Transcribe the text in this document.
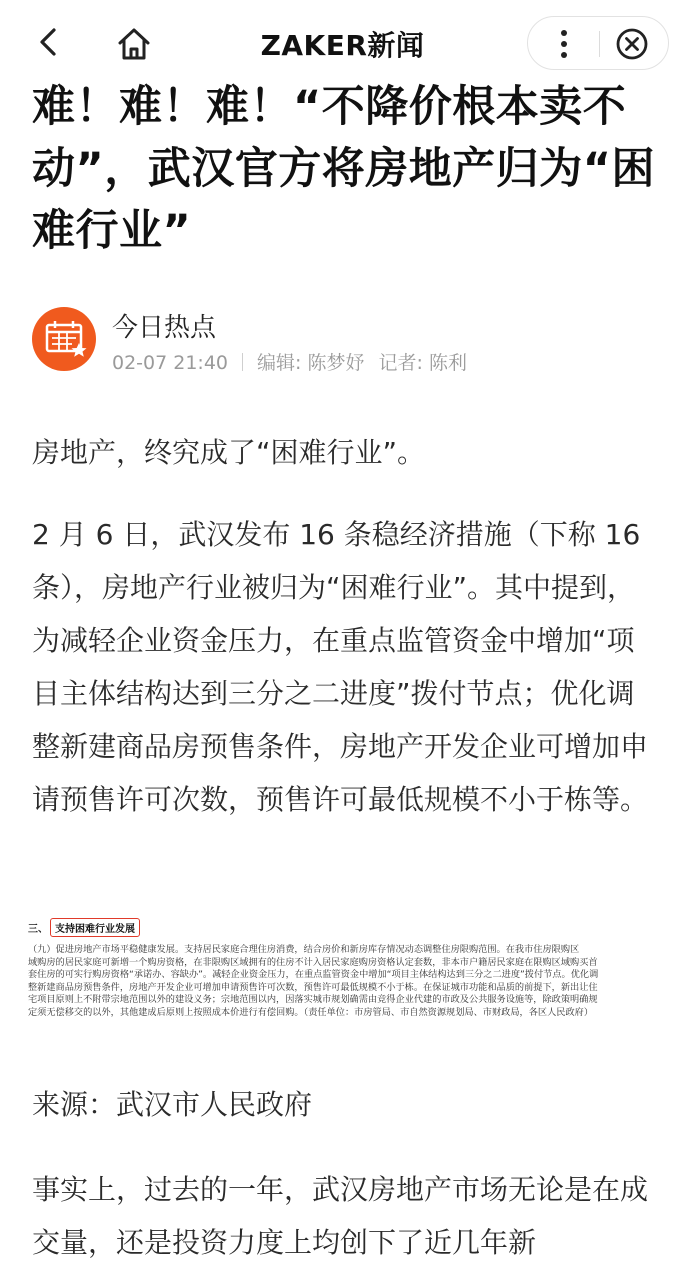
ZAKER新闻
难！难！难！“不降价根本卖不动”，武汉官方将房地产归为“困难行业”
今日热点
02-07 21:40 编辑: 陈梦妤 记者: 陈利

房地产，终究成了“困难行业”。

2 月 6 日，武汉发布 16 条稳经济措施（下称 16 条），房地产行业被归为“困难行业”。其中提到，为减轻企业资金压力，在重点监管资金中增加“项目主体结构达到三分之二进度”拨付节点；优化调整新建商品房预售条件，房地产开发企业可增加申请预售许可次数，预售许可最低规模不小于栋等。

三、 支持困难行业发展
（九）促进房地产市场平稳健康发展。支持居民家庭合理住房消费，结合房价和新房库存情况动态调整住房限购范围。在我市住房限购区
域购房的居民家庭可新增一个购房资格，在非限购区域拥有的住房不计入居民家庭购房资格认定套数，非本市户籍居民家庭在限购区域购买首
套住房的可实行购房资格“承诺办、容缺办”。减轻企业资金压力，在重点监管资金中增加“项目主体结构达到三分之二进度”拨付节点。优化调
整新建商品房预售条件，房地产开发企业可增加申请预售许可次数，预售许可最低规模不小于栋。在保证城市功能和品质的前提下，新出让住
宅项目原则上不附带宗地范围以外的建设义务；宗地范围以内，因落实城市规划确需由竞得企业代建的市政及公共服务设施等，除政策明确规
定须无偿移交的以外，其他建成后原则上按照成本价进行有偿回购。（责任单位：市房管局、市自然资源规划局、市财政局，各区人民政府）
来源：武汉市人民政府

事实上，过去的一年，武汉房地产市场无论是在成交量，还是投资力度上均创下了近几年新
